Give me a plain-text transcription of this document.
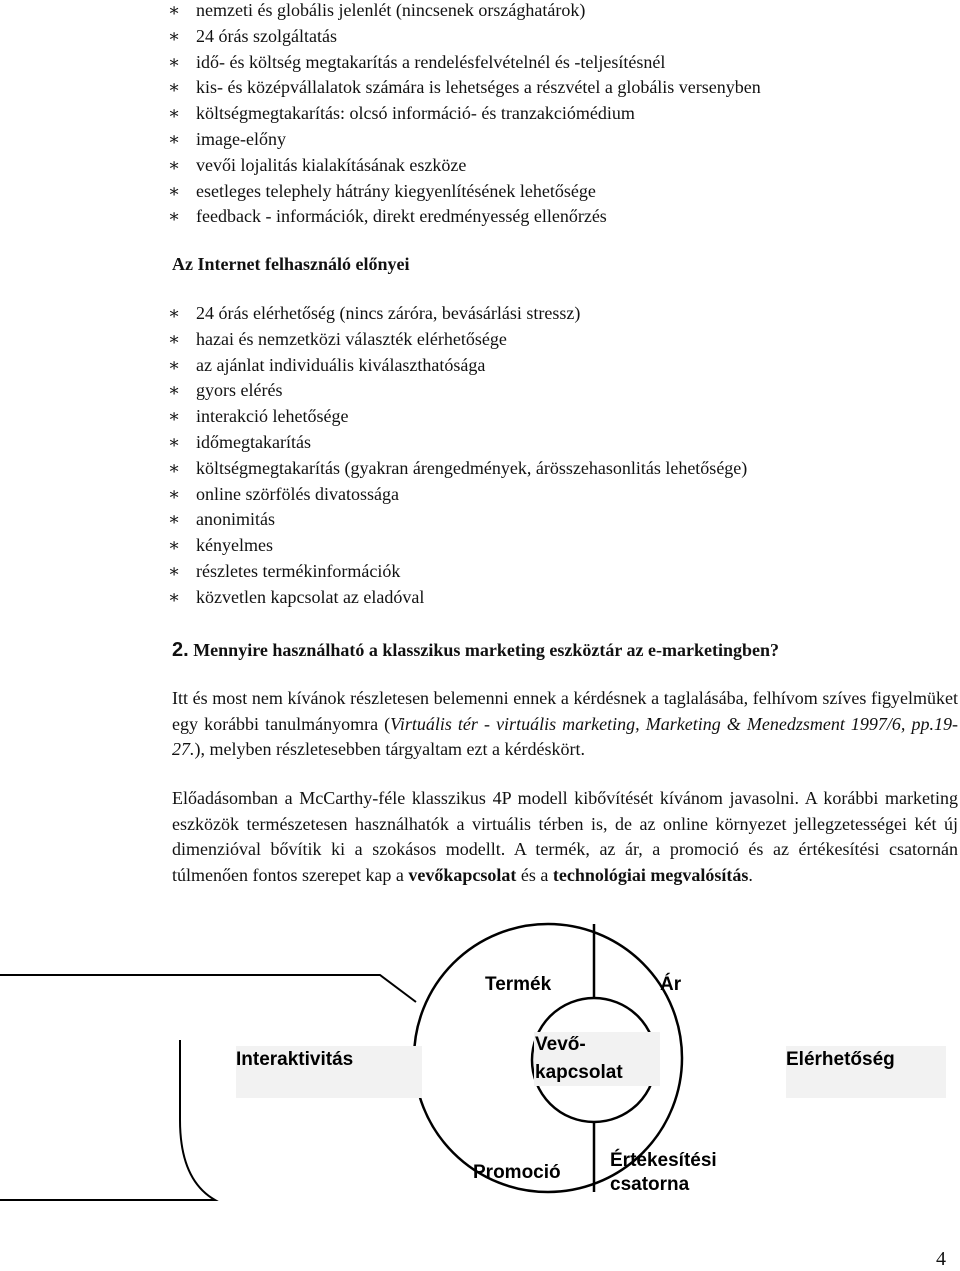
∗ nemzeti és globális jelenlét (nincsenek országhatárok)
∗ 24 órás szolgáltatás
∗ idő- és költség megtakarítás a rendelésfelvételnél és -teljesítésnél
∗ kis- és középvállalatok számára is lehetséges a részvétel a globális versenyben
∗ költségmegtakarítás: olcsó információ- és tranzakciómédium
∗ image-előny
∗ vevői lojalitás kialakításának eszköze
∗ esetleges telephely hátrány kiegyenlítésének lehetősége
∗ feedback - információk, direkt eredményesség ellenőrzés
Az Internet felhasználó előnyei
∗ 24 órás elérhetőség (nincs záróra, bevásárlási stressz)
∗ hazai és nemzetközi választék elérhetősége
∗ az ajánlat individuális kiválaszthatósága
∗ gyors elérés
∗ interakció lehetősége
∗ időmegtakarítás
∗ költségmegtakarítás (gyakran árengedmények, árösszehasonlitás lehetősége)
∗ online szörfölés divatossága
∗ anonimitás
∗ kényelmes
∗ részletes termékinformációk
∗ közvetlen kapcsolat az eladóval
2. Mennyire használható a klasszikus marketing eszköztár az e-marketingben?

Itt és most nem kívánok részletesen belemenni ennek a kérdésnek a taglalásába, felhívom szíves figyelmüket egy korábbi tanulmányomra (Virtuális tér - virtuális marketing, Marketing & Menedzsment 1997/6, pp.19-27.), melyben részletesebben tárgyaltam ezt a kérdéskört.

Előadásomban a McCarthy-féle klasszikus 4P modell kibővítését kívánom javasolni. A korábbi marketing eszközök természetesen használhatók a virtuális térben is, de az online környezet jellegzetességei két új dimenzióval bővítik ki a szokásos modellt. A termék, az ár, a promoció és az értékesítési csatornán túlmenően fontos szerepet kap a vevőkapcsolat és a technológiai megvalósítás.

Termék	Ár
Vevő-
kapcsolat
Interaktivitás	Elérhetőség
Promoció
Értékesítési
csatorna
4
